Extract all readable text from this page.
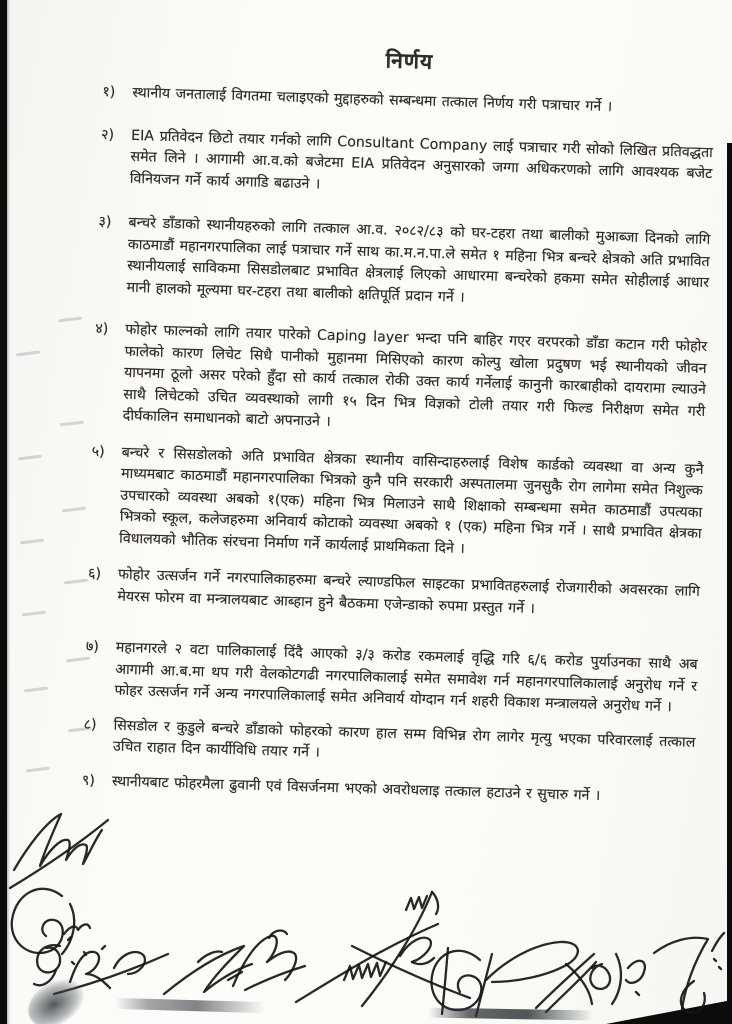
निर्णय
१)	स्थानीय जनतालाई विगतमा चलाइएको मुद्दाहरुको सम्बन्धमा तत्काल निर्णय गरी पत्राचार गर्ने ।
२)	EIA प्रतिवेदन छिटो तयार गर्नको लागि Consultant Company लाई पत्राचार गरी सोको लिखित प्रतिवद्धता समेत लिने । आगामी आ.व.को बजेटमा EIA प्रतिवेदन अनुसारको जग्गा अधिकरणको लागि आवश्यक बजेट विनियजन गर्ने कार्य अगाडि बढाउने ।
३)	बन्चरे डाँडाको स्थानीयहरुको लागि तत्काल आ.व. २०८२/८३ को घर-टहरा तथा बालीको मुआब्जा दिनको लागि काठमाडौं महानगरपालिका लाई पत्राचार गर्ने साथ का.म.न.पा.ले समेत १ महिना भित्र बन्चरे क्षेत्रको अति प्रभावित स्थानीयलाई साविकमा सिसडोलबाट प्रभावित क्षेत्रलाई लिएको आधारमा बन्चरेको हकमा समेत सोहीलाई आधार मानी हालको मूल्यमा घर-टहरा तथा बालीको क्षतिपूर्ति प्रदान गर्ने ।
४)	फोहोर फाल्नको लागि तयार पारेको Caping layer भन्दा पनि बाहिर गएर वरपरको डाँडा कटान गरी फोहोर फालेको कारण लिचेट सिधै पानीको मुहानमा मिसिएको कारण कोल्पु खोला प्रदुषण भई स्थानीयको जीवन यापनमा ठूलो असर परेको हुँदा सो कार्य तत्काल रोकी उक्त कार्य गर्नेलाई कानुनी कारबाहीको दायरामा ल्याउने साथै लिचेटको उचित व्यवस्थाको लागी १५ दिन भित्र विज्ञको टोली तयार गरी फिल्ड निरीक्षण समेत गरी दीर्घकालिन समाधानको बाटो अपनाउने ।
५)	बन्चरे र सिसडोलको अति प्रभावित क्षेत्रका स्थानीय वासिन्दाहरुलाई विशेष कार्डको व्यवस्था वा अन्य कुनै माध्यमबाट काठमाडौं महानगरपालिका भित्रको कुनै पनि सरकारी अस्पतालमा जुनसुकै रोग लागेमा समेत निशुल्क उपचारको व्यवस्था अबको १(एक) महिना भित्र मिलाउने साथै शिक्षाको सम्बन्धमा समेत काठमाडौं उपत्यका भित्रको स्कूल, कलेजहरुमा अनिवार्य कोटाको व्यवस्था अबको १ (एक) महिना भित्र गर्ने । साथै प्रभावित क्षेत्रका विधालयको भौतिक संरचना निर्माण गर्ने कार्यलाई प्राथमिकता दिने ।
६)	फोहोर उत्सर्जन गर्ने नगरपालिकाहरुमा बन्चरे ल्याण्डफिल साइटका प्रभावितहरुलाई रोजगारीको अवसरका लागि मेयरस फोरम वा मन्त्रालयबाट आब्हान हुने बैठकमा एजेन्डाको रुपमा प्रस्तुत गर्ने ।
७)	महानगरले २ वटा पालिकालाई दिंदै आएको ३/३ करोड रकमलाई वृद्धि गरि ६/६ करोड पुर्याउनका साथै अब आगामी आ.ब.मा थप गरी वेलकोटगढी नगरपालिकालाई समेत समावेश गर्न महानगरपालिकालाई अनुरोध गर्ने र फोहर उत्सर्जन गर्ने अन्य नगरपालिकालाई समेत अनिवार्य योग्दान गर्न शहरी विकाश मन्त्रालयले अनुरोध गर्ने ।
८)	सिसडोल र कुडुले बन्चरे डाँडाको फोहरको कारण हाल सम्म विभिन्न रोग लागेर मृत्यु भएका परिवारलाई तत्काल उचित राहात दिन कार्यीविधि तयार गर्ने ।
९)	स्थानीयबाट फोहरमैला ढुवानी एवं विसर्जनमा भएको अवरोधलाइ तत्काल हटाउने र सुचारु गर्ने ।
